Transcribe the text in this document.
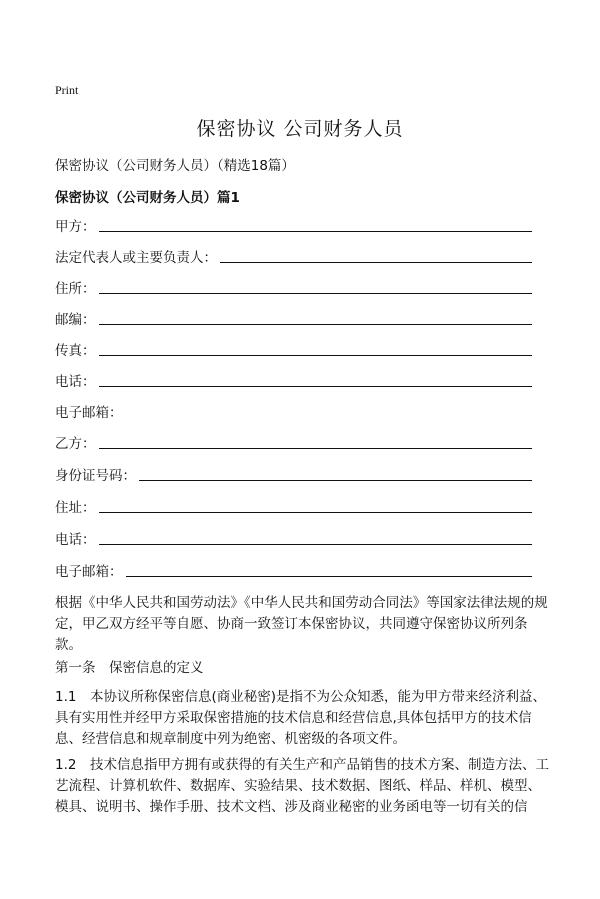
Print
保密协议 公司财务人员
保密协议（公司财务人员）（精选18篇）
保密协议（公司财务人员）篇1
甲方：
法定代表人或主要负责人：
住所：
邮编：
传真：
电话：
电子邮箱：
乙方：
身份证号码：
住址：
电话：
电子邮箱：
根据《中华人民共和国劳动法》《中华人民共和国劳动合同法》等国家法律法规的规定，甲乙双方经平等自愿、协商一致签订本保密协议，共同遵守保密协议所列条款。
第一条　保密信息的定义
1.1　本协议所称保密信息(商业秘密)是指不为公众知悉，能为甲方带来经济利益、具有实用性并经甲方采取保密措施的技术信息和经营信息,具体包括甲方的技术信息、经营信息和规章制度中列为绝密、机密级的各项文件。
1.2　技术信息指甲方拥有或获得的有关生产和产品销售的技术方案、制造方法、工艺流程、计算机软件、数据库、实验结果、技术数据、图纸、样品、样机、模型、模具、说明书、操作手册、技术文档、涉及商业秘密的业务函电等一切有关的信
